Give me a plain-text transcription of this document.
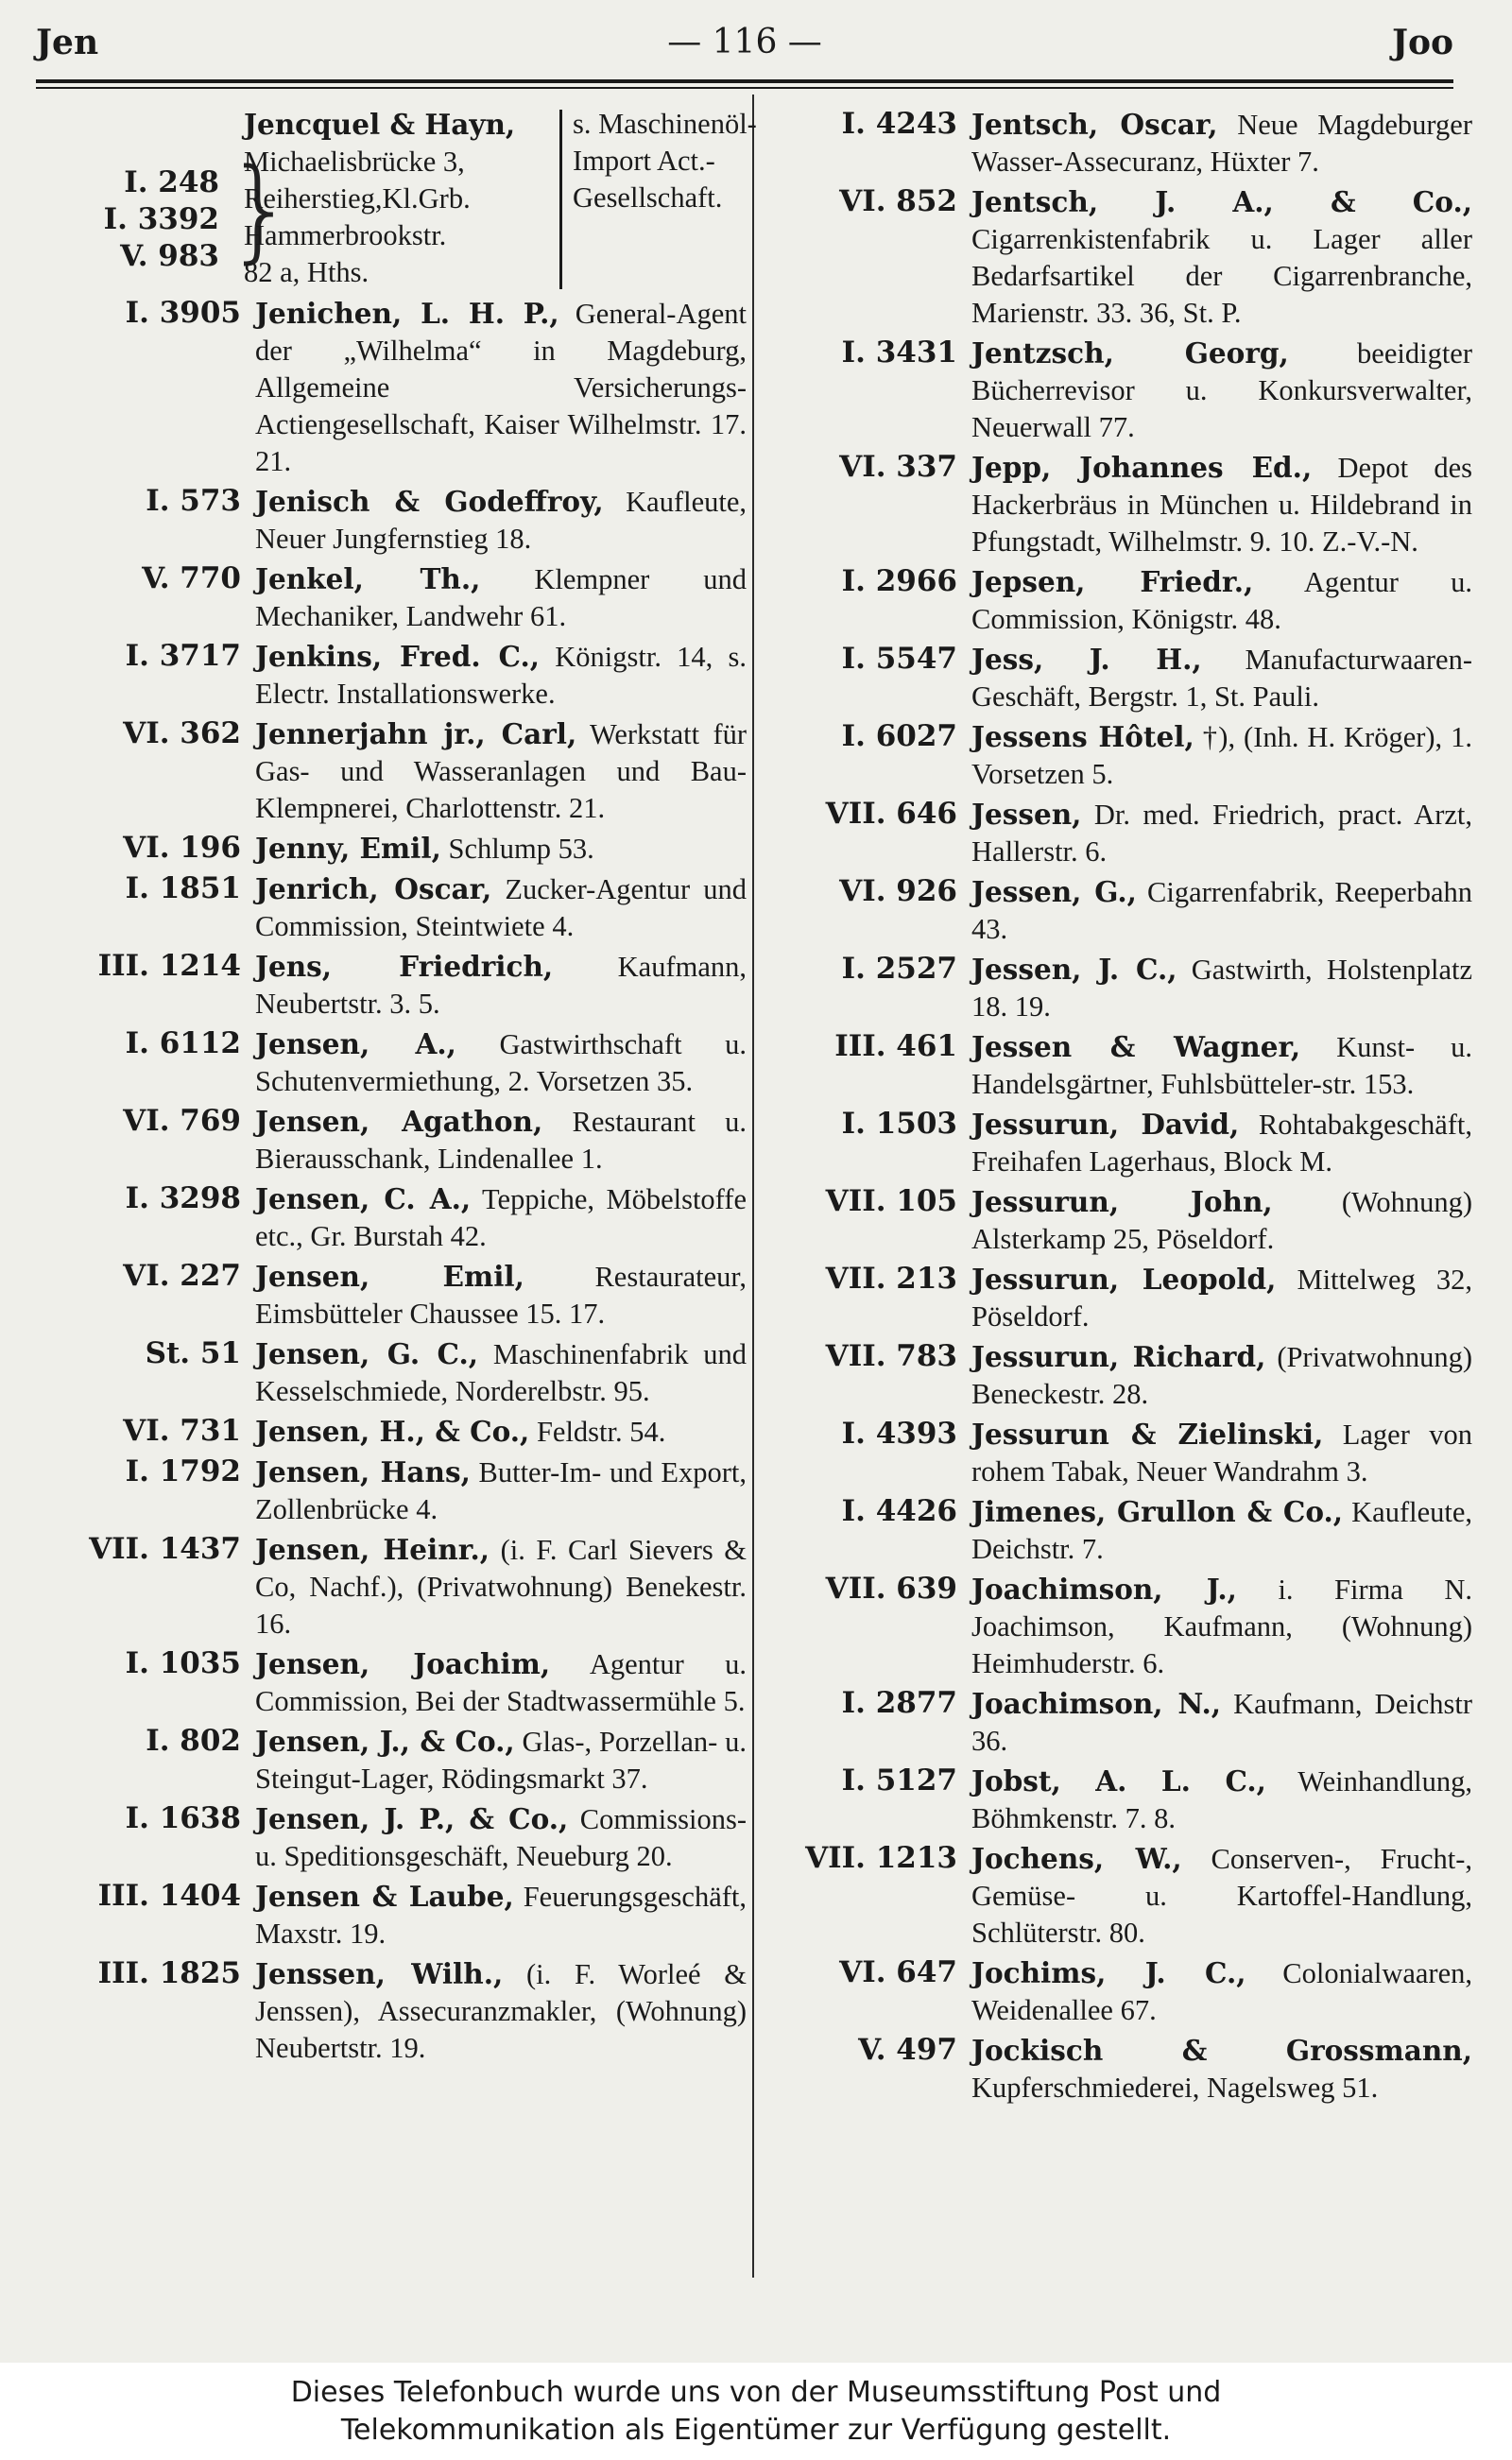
Jen	— 116 —	Joo
I. 248
I. 3392
V. 983 }
Jencquel & Hayn,
Michaelisbrücke 3,
Reiherstieg,Kl.Grb.
Hammerbrookstr.
82 a, Hths.
s. Maschinenöl-Import Act.-Gesellschaft.
I. 3905 Jenichen, L. H. P., General-Agent der „Wilhelma“ in Magdeburg, Allgemeine Versicherungs-Actiengesellschaft, Kaiser Wilhelmstr. 17. 21.
I. 573 Jenisch & Godeffroy, Kaufleute, Neuer Jungfernstieg 18.
V. 770 Jenkel, Th., Klempner und Mechaniker, Landwehr 61.
I. 3717 Jenkins, Fred. C., Königstr. 14, s. Electr. Installationswerke.
VI. 362 Jennerjahn jr., Carl, Werkstatt für Gas- und Wasseranlagen und Bau-Klempnerei, Charlottenstr. 21.
VI. 196 Jenny, Emil, Schlump 53.
I. 1851 Jenrich, Oscar, Zucker-Agentur und Commission, Steintwiete 4.
III. 1214 Jens, Friedrich, Kaufmann, Neubertstr. 3. 5.
I. 6112 Jensen, A., Gastwirthschaft u. Schutenvermiethung, 2. Vorsetzen 35.
VI. 769 Jensen, Agathon, Restaurant u. Bierausschank, Lindenallee 1.
I. 3298 Jensen, C. A., Teppiche, Möbelstoffe etc., Gr. Burstah 42.
VI. 227 Jensen, Emil, Restaurateur, Eimsbütteler Chaussee 15. 17.
St. 51 Jensen, G. C., Maschinenfabrik und Kesselschmiede, Norderelbstr. 95.
VI. 731 Jensen, H., & Co., Feldstr. 54.
I. 1792 Jensen, Hans, Butter-Im- und Export, Zollenbrücke 4.
VII. 1437 Jensen, Heinr., (i. F. Carl Sievers & Co, Nachf.), (Privatwohnung) Benekestr. 16.
I. 1035 Jensen, Joachim, Agentur u. Commission, Bei der Stadtwassermühle 5.
I. 802 Jensen, J., & Co., Glas-, Porzellan- u. Steingut-Lager, Rödingsmarkt 37.
I. 1638 Jensen, J. P., & Co., Commissions- u. Speditionsgeschäft, Neueburg 20.
III. 1404 Jensen & Laube, Feuerungsgeschäft, Maxstr. 19.
III. 1825 Jenssen, Wilh., (i. F. Worleé & Jenssen), Assecuranzmakler, (Wohnung) Neubertstr. 19.
I. 4243 Jentsch, Oscar, Neue Magdeburger Wasser-Assecuranz, Hüxter 7.
VI. 852 Jentsch, J. A., & Co., Cigarrenkistenfabrik u. Lager aller Bedarfsartikel der Cigarrenbranche, Marienstr. 33. 36, St. P.
I. 3431 Jentzsch, Georg, beeidigter Bücherrevisor u. Konkursverwalter, Neuerwall 77.
VI. 337 Jepp, Johannes Ed., Depot des Hackerbräus in München u. Hildebrand in Pfungstadt, Wilhelmstr. 9. 10. Z.-V.-N.
I. 2966 Jepsen, Friedr., Agentur u. Commission, Königstr. 48.
I. 5547 Jess, J. H., Manufacturwaaren-Geschäft, Bergstr. 1, St. Pauli.
I. 6027 Jessens Hôtel, †), (Inh. H. Kröger), 1. Vorsetzen 5.
VII. 646 Jessen, Dr. med. Friedrich, pract. Arzt, Hallerstr. 6.
VI. 926 Jessen, G., Cigarrenfabrik, Reeperbahn 43.
I. 2527 Jessen, J. C., Gastwirth, Holstenplatz 18. 19.
III. 461 Jessen & Wagner, Kunst- u. Handelsgärtner, Fuhlsbütteler-str. 153.
I. 1503 Jessurun, David, Rohtabakgeschäft, Freihafen Lagerhaus, Block M.
VII. 105 Jessurun, John, (Wohnung) Alsterkamp 25, Pöseldorf.
VII. 213 Jessurun, Leopold, Mittelweg 32, Pöseldorf.
VII. 783 Jessurun, Richard, (Privatwohnung) Beneckestr. 28.
I. 4393 Jessurun & Zielinski, Lager von rohem Tabak, Neuer Wandrahm 3.
I. 4426 Jimenes, Grullon & Co., Kaufleute, Deichstr. 7.
VII. 639 Joachimson, J., i. Firma N. Joachimson, Kaufmann, (Wohnung) Heimhuderstr. 6.
I. 2877 Joachimson, N., Kaufmann, Deichstr 36.
I. 5127 Jobst, A. L. C., Weinhandlung, Böhmkenstr. 7. 8.
VII. 1213 Jochens, W., Conserven-, Frucht-, Gemüse- u. Kartoffel-Handlung, Schlüterstr. 80.
VI. 647 Jochims, J. C., Colonialwaaren, Weidenallee 67.
V. 497 Jockisch & Grossmann, Kupferschmiederei, Nagelsweg 51.
Dieses Telefonbuch wurde uns von der Museumsstiftung Post und
Telekommunikation als Eigentümer zur Verfügung gestellt.
